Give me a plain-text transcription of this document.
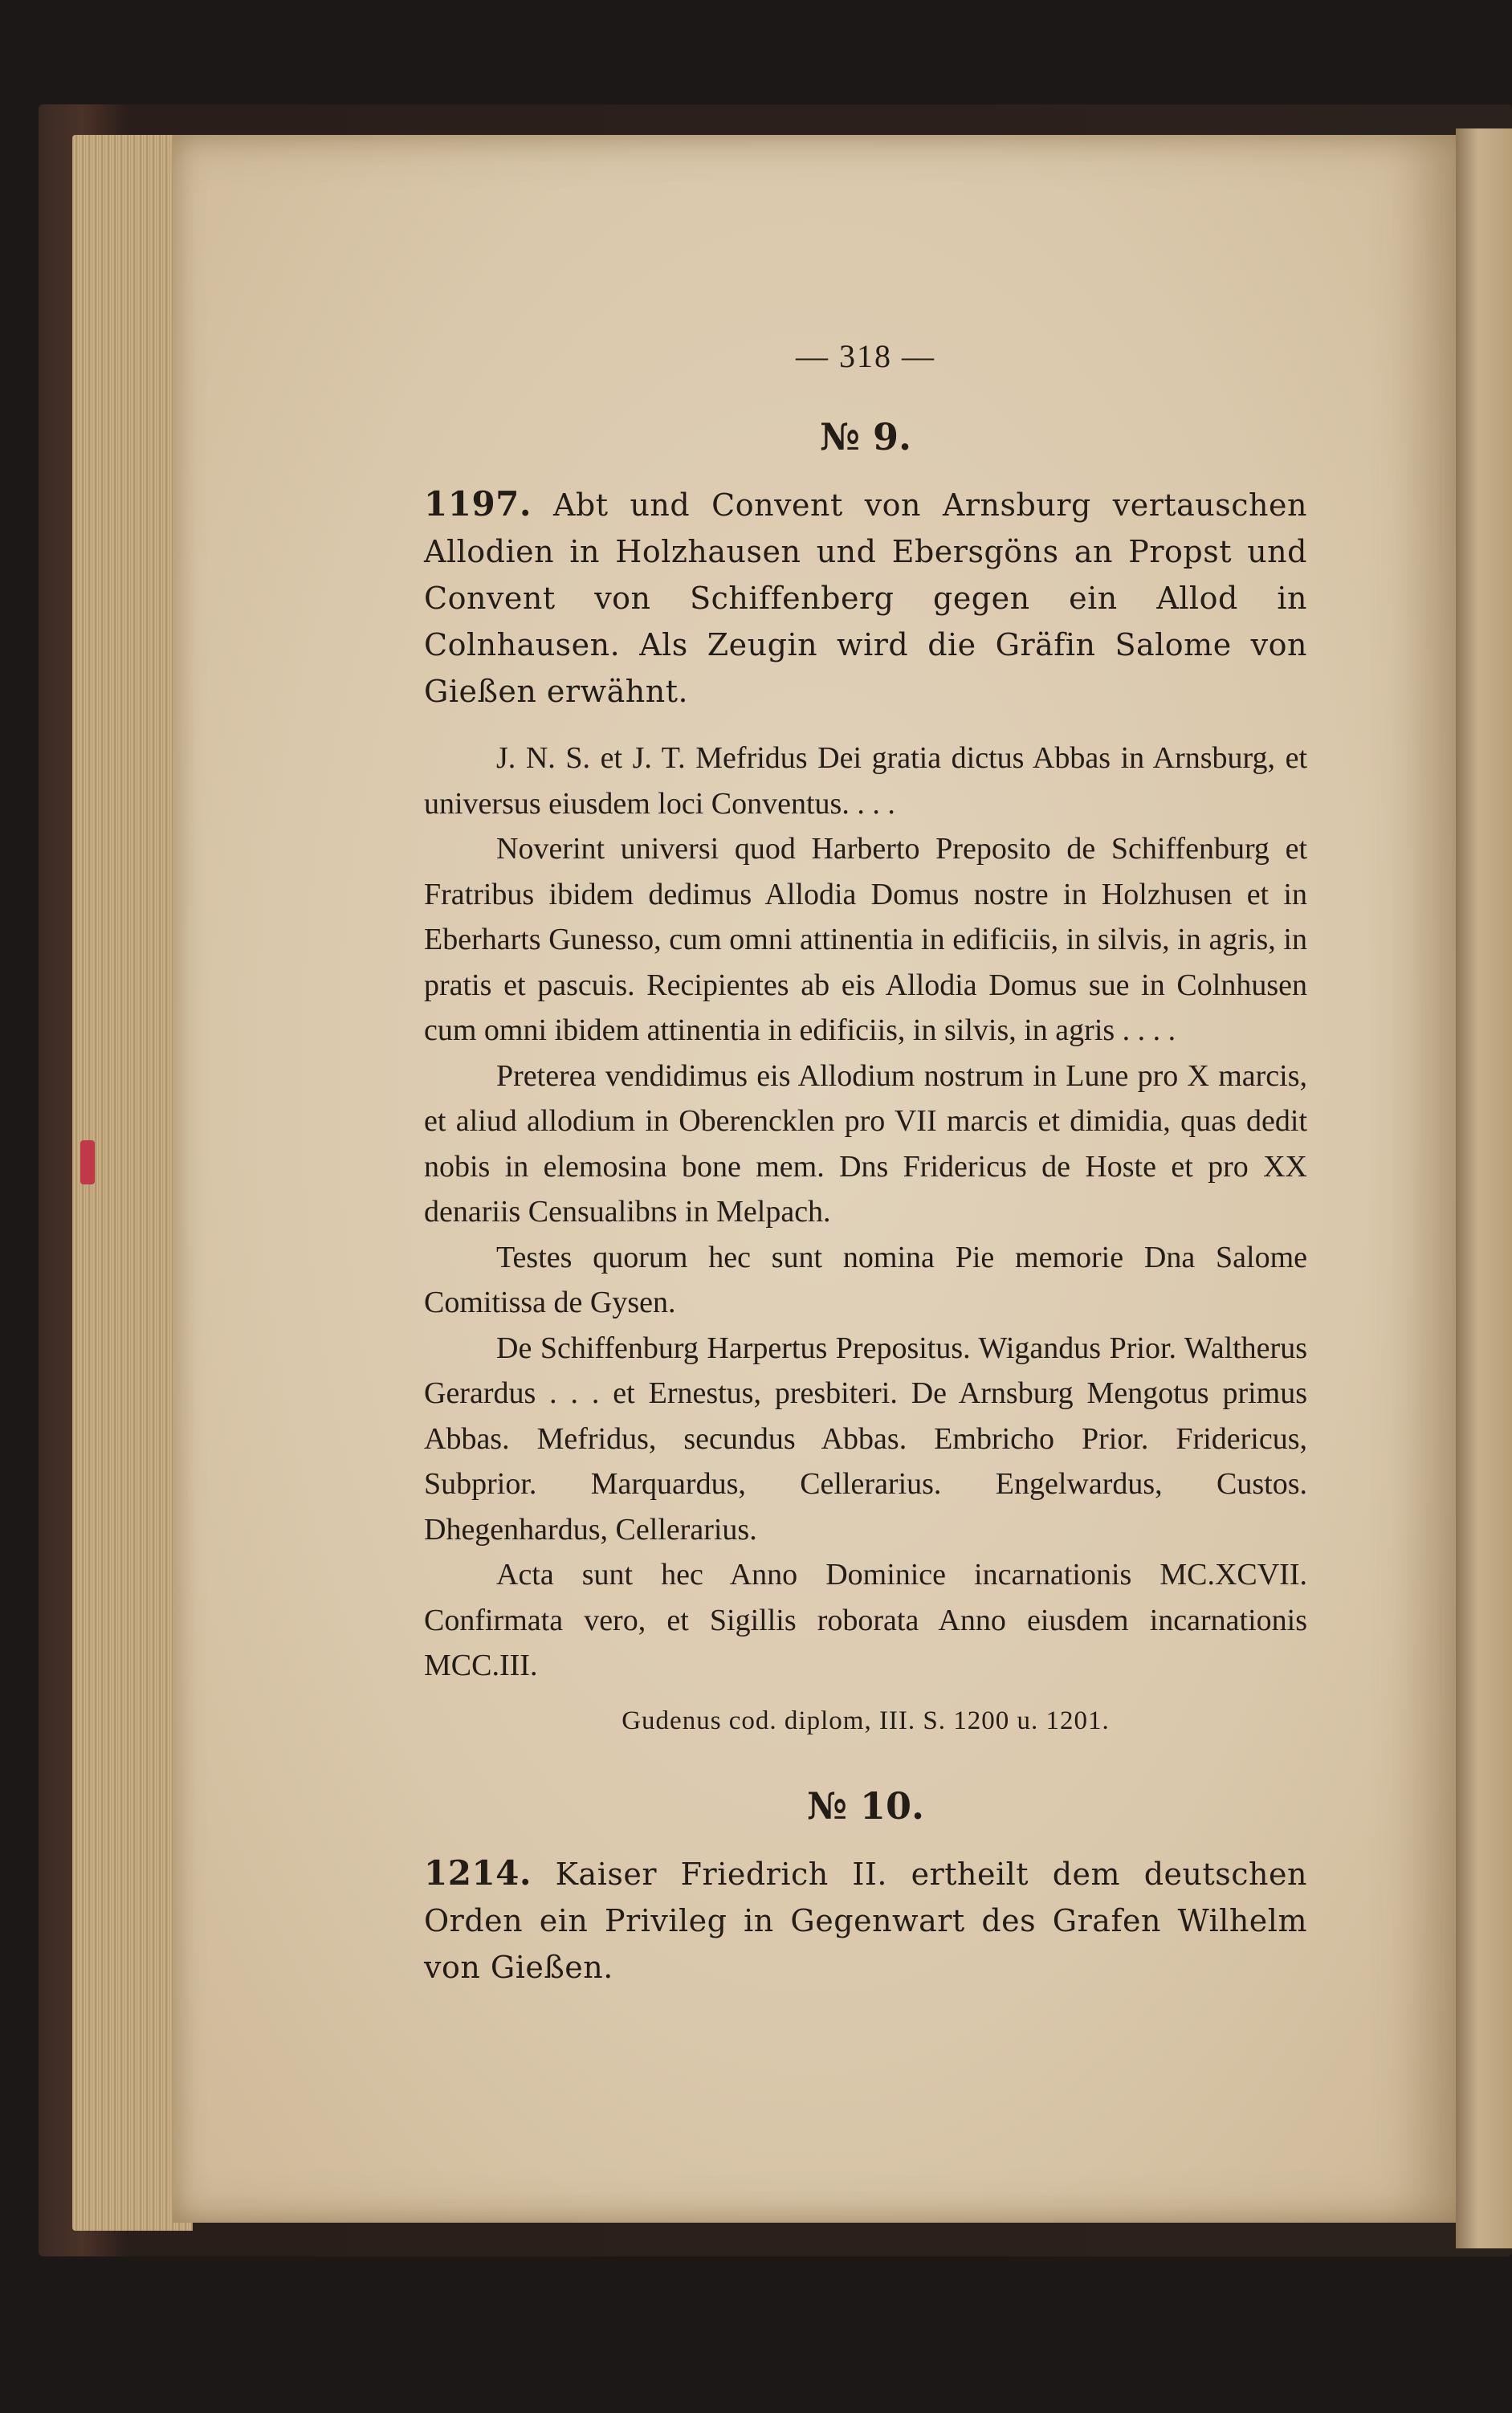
— 318 —
№ 9.

1197. Abt und Convent von Arnsburg vertauschen Allodien in Holzhausen und Ebersgöns an Propst und Convent von Schiffenberg gegen ein Allod in Colnhausen. Als Zeugin wird die Gräfin Salome von Gießen erwähnt.

J. N. S. et J. T. Mefridus Dei gratia dictus Abbas in Arnsburg, et universus eiusdem loci Conventus. . . .

Noverint universi quod Harberto Preposito de Schiffenburg et Fratribus ibidem dedimus Allodia Domus nostre in Holzhusen et in Eberharts Gunesso, cum omni attinentia in edificiis, in silvis, in agris, in pratis et pascuis. Recipientes ab eis Allodia Domus sue in Colnhusen cum omni ibidem attinentia in edificiis, in silvis, in agris . . . .

Preterea vendidimus eis Allodium nostrum in Lune pro X marcis, et aliud allodium in Oberencklen pro VII marcis et dimidia, quas dedit nobis in elemosina bone mem. Dns Fridericus de Hoste et pro XX denariis Censualibns in Melpach.

Testes quorum hec sunt nomina Pie memorie Dna Salome Comitissa de Gysen.

De Schiffenburg Harpertus Prepositus. Wigandus Prior. Waltherus Gerardus . . . et Ernestus, presbiteri. De Arnsburg Mengotus primus Abbas. Mefridus, secundus Abbas. Embricho Prior. Fridericus, Subprior. Marquardus, Cellerarius. Engelwardus, Custos. Dhegenhardus, Cellerarius.

Acta sunt hec Anno Dominice incarnationis MC.XCVII. Confirmata vero, et Sigillis roborata Anno eiusdem incarnationis MCC.III.

Gudenus cod. diplom, III. S. 1200 u. 1201.
№ 10.

1214. Kaiser Friedrich II. ertheilt dem deutschen Orden ein Privileg in Gegenwart des Grafen Wilhelm von Gießen.
